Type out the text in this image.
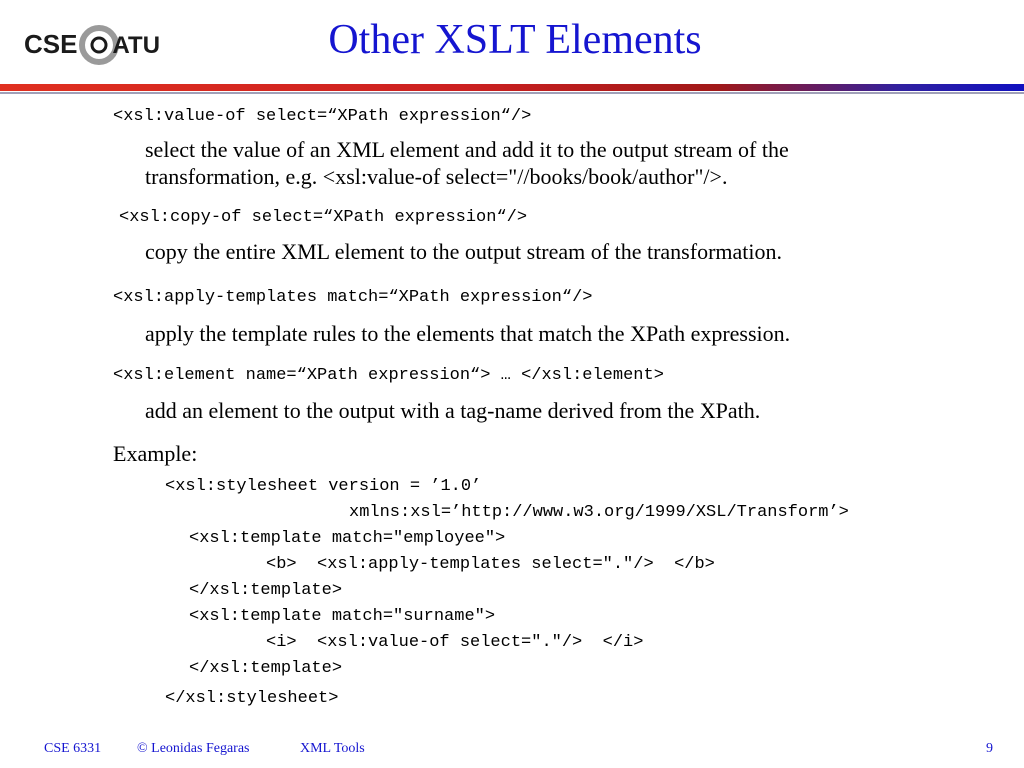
CSE UTA	Other XSLT Elements
<xsl:value-of select=“XPath expression“/>
select the value of an XML element and add it to the output stream of the
transformation, e.g. <xsl:value-of select="//books/book/author"/>.
<xsl:copy-of select=“XPath expression“/>
copy the entire XML element to the output stream of the transformation.
<xsl:apply-templates match=“XPath expression“/>
apply the template rules to the elements that match the XPath expression.
<xsl:element name=“XPath expression“> … </xsl:element>
add an element to the output with a tag-name derived from the XPath.
Example:
<xsl:stylesheet version = ’1.0’
xmlns:xsl=’http://www.w3.org/1999/XSL/Transform’>
<xsl:template match="employee">
<b>  <xsl:apply-templates select="."/>  </b>
</xsl:template>
<xsl:template match="surname">
<i>  <xsl:value-of select="."/>  </i>
</xsl:template>
</xsl:stylesheet>
CSE 6331	© Leonidas Fegaras	XML Tools	9
